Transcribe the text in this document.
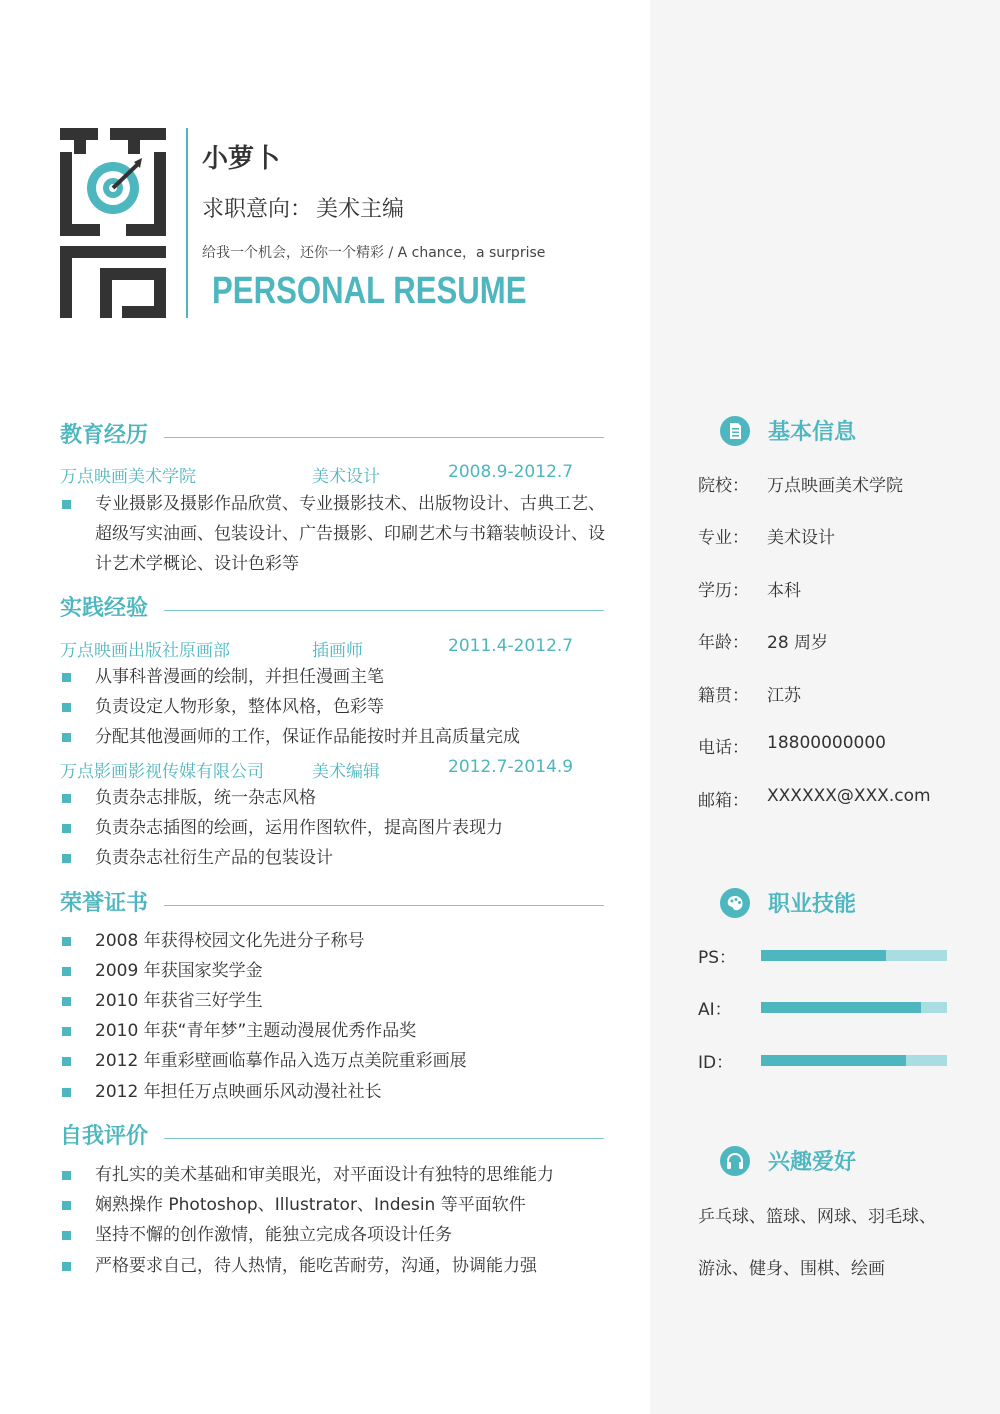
小萝卜
求职意向： 美术主编
给我一个机会，还你一个精彩 / A chance，a surprise
PERSONAL RESUME
教育经历
万点映画美术学院	美术设计	2008.9-2012.7
专业摄影及摄影作品欣赏、专业摄影技术、出版物设计、古典工艺、超级写实油画、包装设计、广告摄影、印刷艺术与书籍装帧设计、设计艺术学概论、设计色彩等
实践经验
万点映画出版社原画部	插画师	2011.4-2012.7
从事科普漫画的绘制，并担任漫画主笔
负责设定人物形象，整体风格，色彩等
分配其他漫画师的工作，保证作品能按时并且高质量完成
万点影画影视传媒有限公司	美术编辑	2012.7-2014.9
负责杂志排版，统一杂志风格
负责杂志插图的绘画，运用作图软件，提高图片表现力
负责杂志社衍生产品的包装设计
荣誉证书
2008 年获得校园文化先进分子称号
2009 年获国家奖学金
2010 年获省三好学生
2010 年获“青年梦”主题动漫展优秀作品奖
2012 年重彩壁画临摹作品入选万点美院重彩画展
2012 年担任万点映画乐风动漫社社长
自我评价
有扎实的美术基础和审美眼光，对平面设计有独特的思维能力
娴熟操作 Photoshop、Illustrator、Indesin 等平面软件
坚持不懈的创作激情，能独立完成各项设计任务
严格要求自己，待人热情，能吃苦耐劳，沟通，协调能力强
基本信息
院校： 万点映画美术学院
专业： 美术设计
学历： 本科
年龄： 28 周岁
籍贯： 江苏
电话： 18800000000
邮箱： XXXXXX@XXX.com
职业技能
PS：
AI：
ID：
兴趣爱好
乒乓球、篮球、网球、羽毛球、
游泳、健身、围棋、绘画
